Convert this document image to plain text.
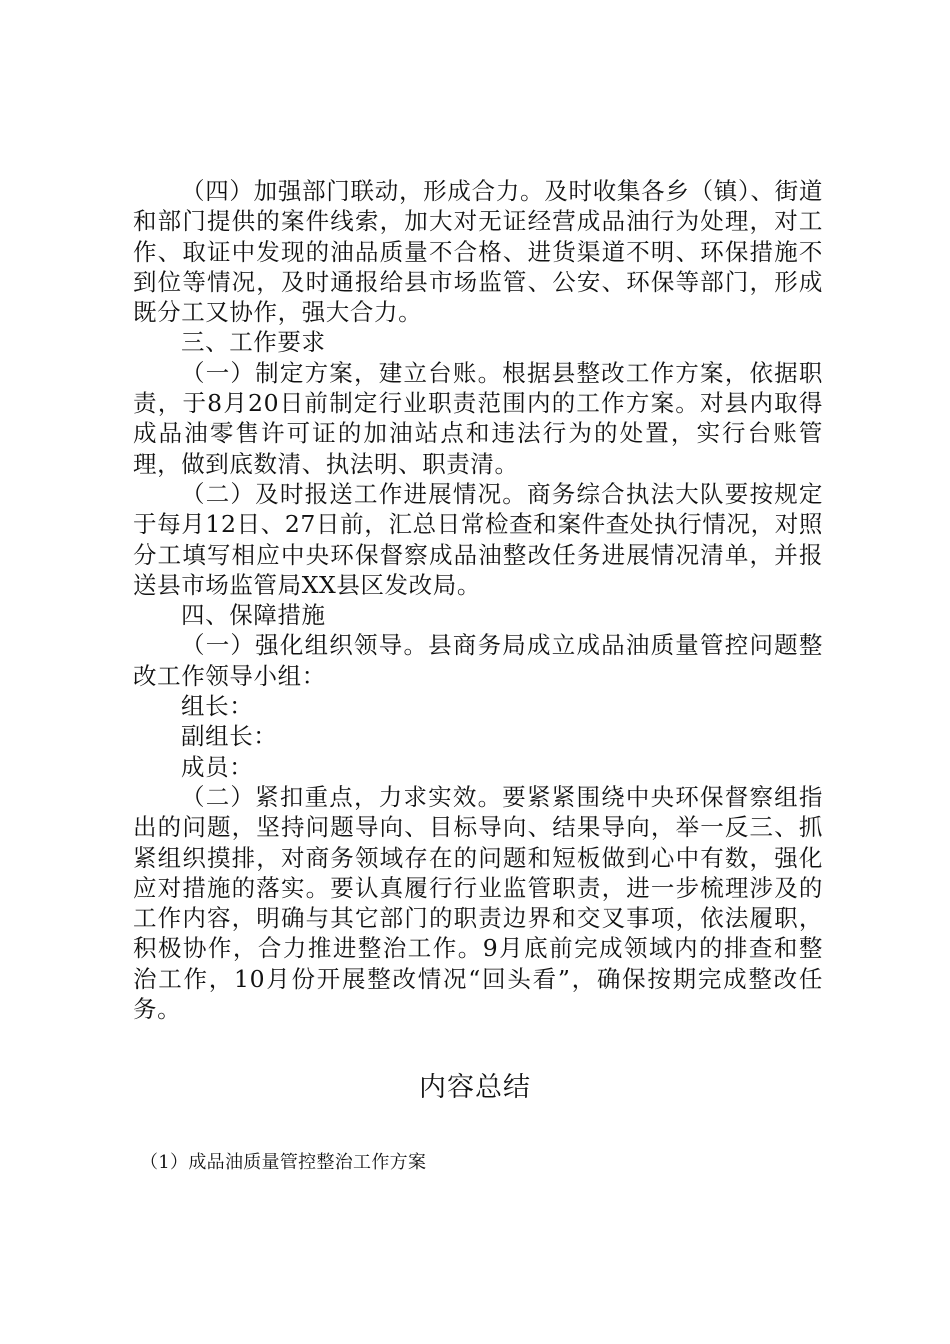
（四）加强部门联动，形成合力。及时收集各乡（镇）、街道和部门提供的案件线索，加大对无证经营成品油行为处理，对工作、取证中发现的油品质量不合格、进货渠道不明、环保措施不到位等情况，及时通报给县市场监管、公安、环保等部门，形成既分工又协作，强大合力。

三、工作要求

（一）制定方案，建立台账。根据县整改工作方案，依据职责，于8月20日前制定行业职责范围内的工作方案。对县内取得成品油零售许可证的加油站点和违法行为的处置，实行台账管理，做到底数清、执法明、职责清。

（二）及时报送工作进展情况。商务综合执法大队要按规定于每月12日、27日前，汇总日常检查和案件查处执行情况，对照分工填写相应中央环保督察成品油整改任务进展情况清单，并报送县市场监管局XX县区发改局。

四、保障措施

（一）强化组织领导。县商务局成立成品油质量管控问题整改工作领导小组：

组长：

副组长：

成员：

（二）紧扣重点，力求实效。要紧紧围绕中央环保督察组指出的问题，坚持问题导向、目标导向、结果导向，举一反三、抓紧组织摸排，对商务领域存在的问题和短板做到心中有数，强化应对措施的落实。要认真履行行业监管职责，进一步梳理涉及的工作内容，明确与其它部门的职责边界和交叉事项，依法履职，积极协作，合力推进整治工作。9月底前完成领域内的排查和整治工作，10月份开展整改情况“回头看”，确保按期完成整改任务。

内容总结
（1）成品油质量管控整治工作方案
